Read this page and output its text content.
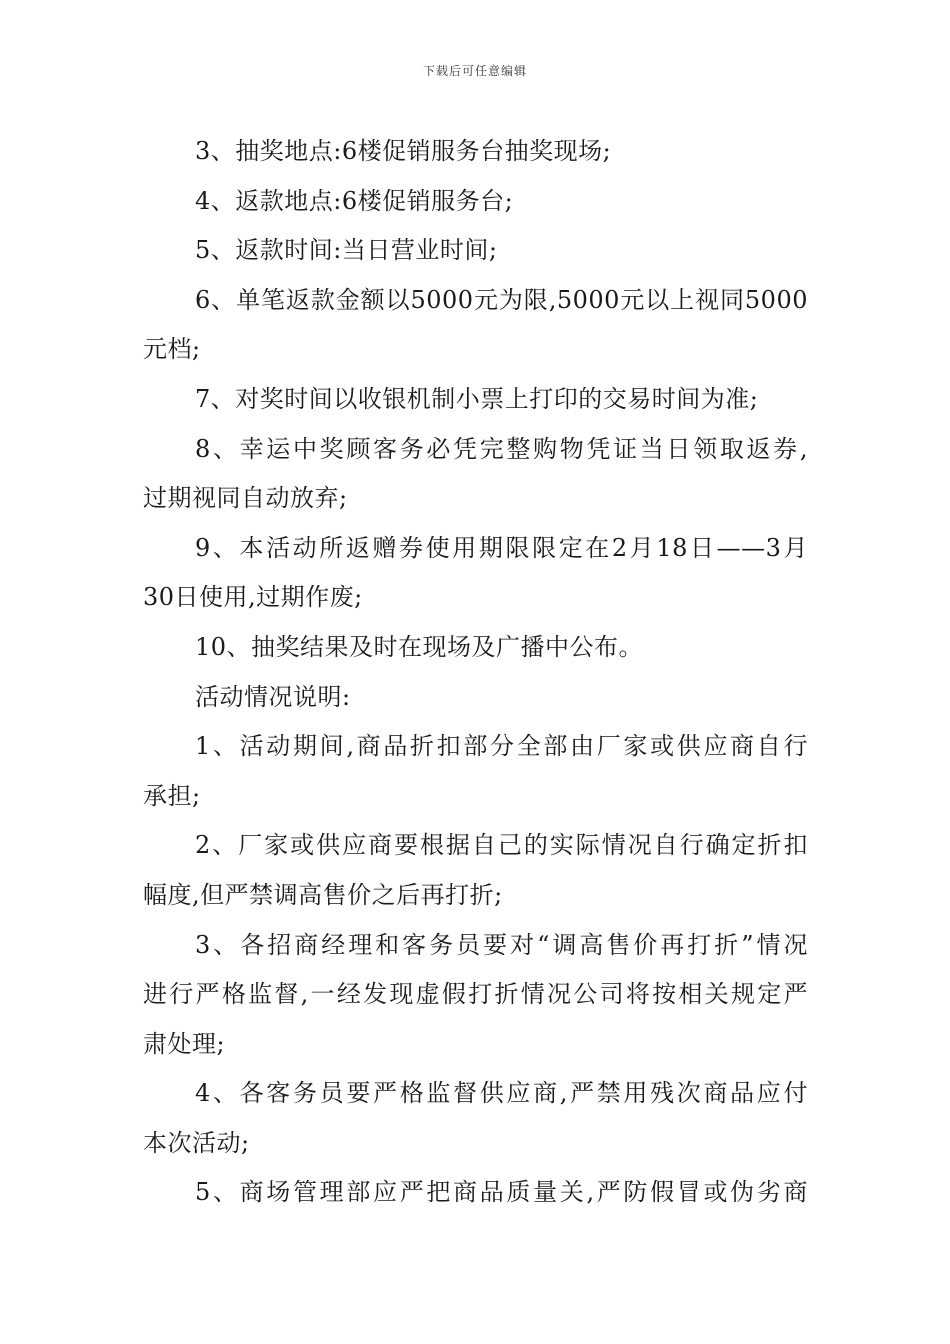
下载后可任意编辑
3、抽奖地点:6楼促销服务台抽奖现场;
4、返款地点:6楼促销服务台;
5、返款时间:当日营业时间;
6、单笔返款金额以5000元为限,5000元以上视同5000
元档;
7、对奖时间以收银机制小票上打印的交易时间为准;
8、幸运中奖顾客务必凭完整购物凭证当日领取返券,
过期视同自动放弃;
9、本活动所返赠券使用期限限定在2月18日——3月
30日使用,过期作废;
10、抽奖结果及时在现场及广播中公布。
活动情况说明:
1、活动期间,商品折扣部分全部由厂家或供应商自行
承担;
2、厂家或供应商要根据自己的实际情况自行确定折扣
幅度,但严禁调高售价之后再打折;
3、各招商经理和客务员要对“调高售价再打折”情况
进行严格监督,一经发现虚假打折情况公司将按相关规定严
肃处理;
4、各客务员要严格监督供应商,严禁用残次商品应付
本次活动;
5、商场管理部应严把商品质量关,严防假冒或伪劣商
